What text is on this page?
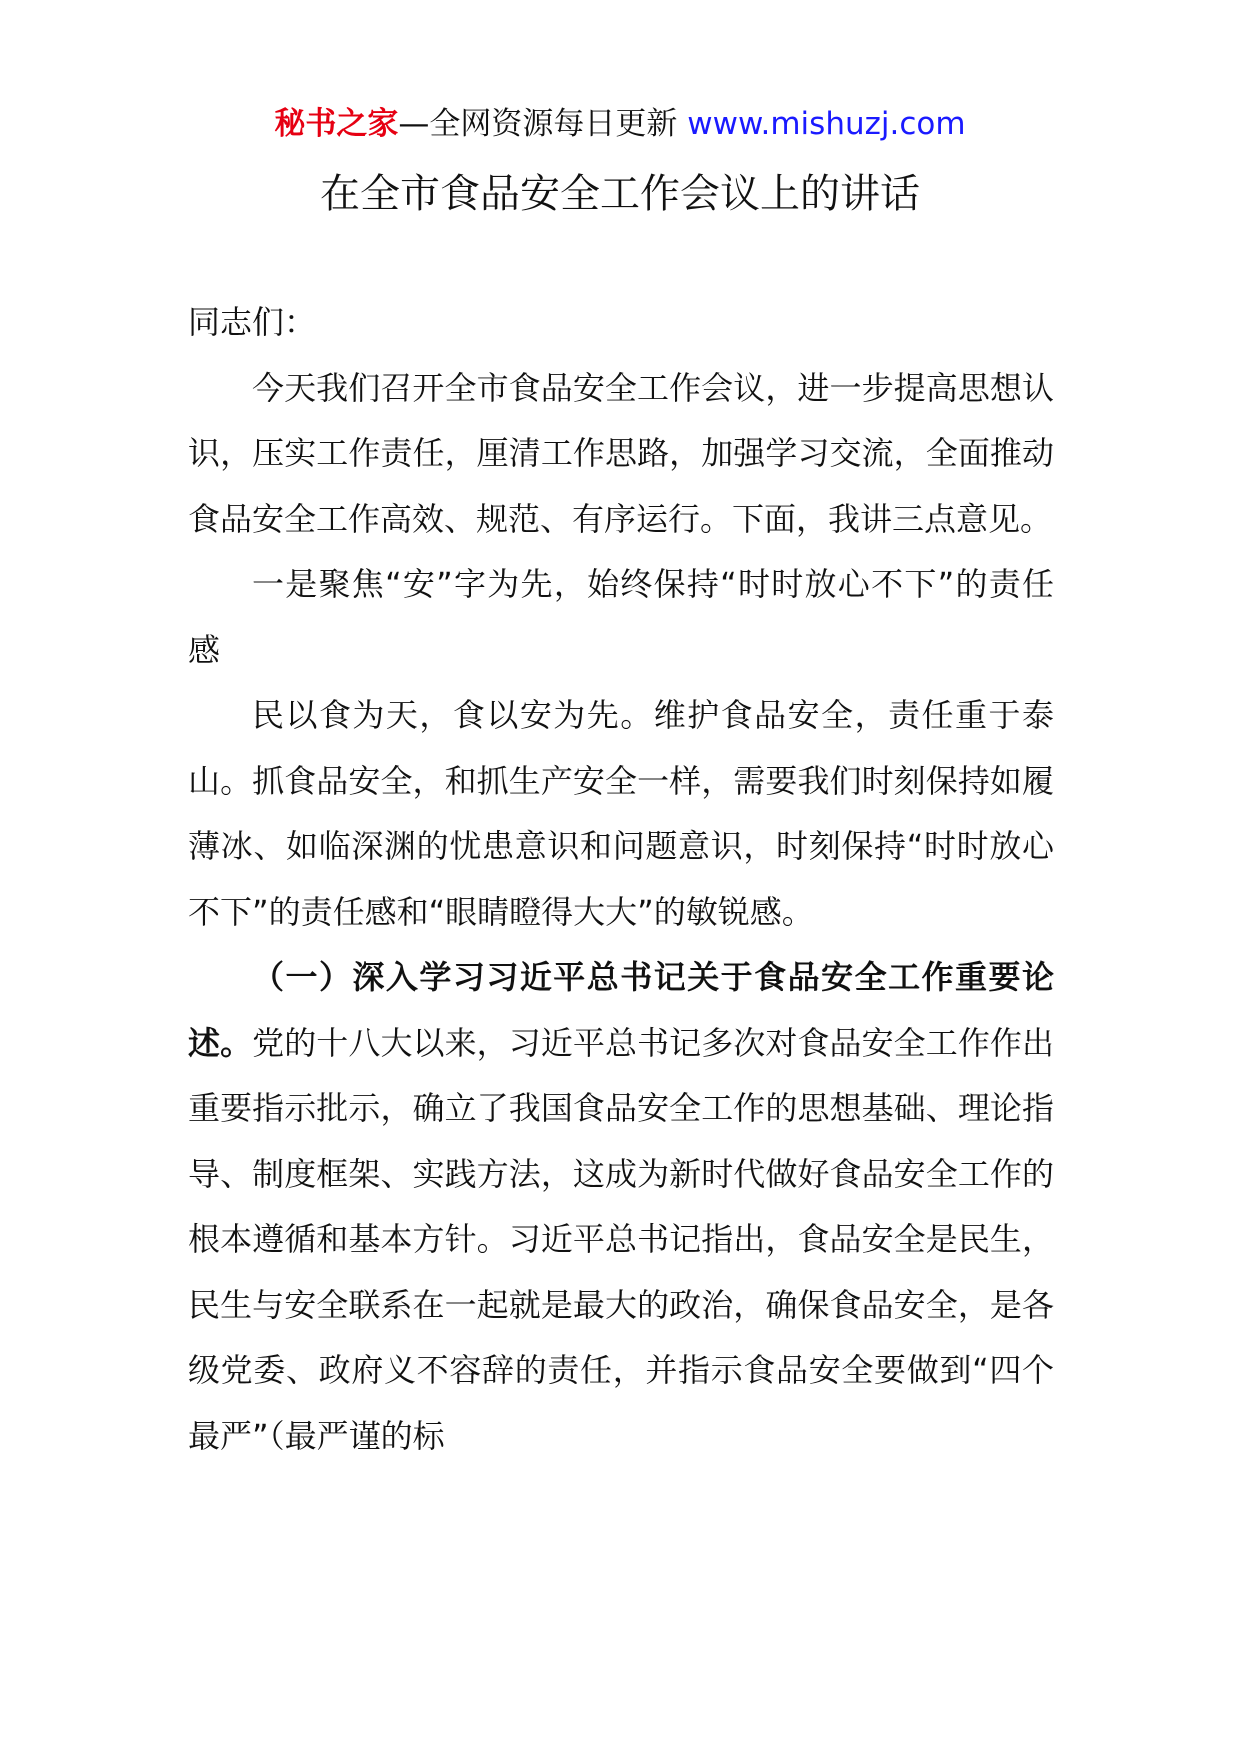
秘书之家—全网资源每日更新 www.mishuzj.com
在全市食品安全工作会议上的讲话

同志们：

今天我们召开全市食品安全工作会议，进一步提高思想认识，压实工作责任，厘清工作思路，加强学习交流，全面推动食品安全工作高效、规范、有序运行。下面，我讲三点意见。

一是聚焦“安”字为先，始终保持“时时放心不下”的责任感

民以食为天，食以安为先。维护食品安全，责任重于泰山。抓食品安全，和抓生产安全一样，需要我们时刻保持如履薄冰、如临深渊的忧患意识和问题意识，时刻保持“时时放心不下”的责任感和“眼睛瞪得大大”的敏锐感。

（一）深入学习习近平总书记关于食品安全工作重要论述。党的十八大以来，习近平总书记多次对食品安全工作作出重要指示批示，确立了我国食品安全工作的思想基础、理论指导、制度框架、实践方法，这成为新时代做好食品安全工作的根本遵循和基本方针。习近平总书记指出，食品安全是民生，民生与安全联系在一起就是最大的政治，确保食品安全，是各级党委、政府义不容辞的责任，并指示食品安全要做到“四个最严”（最严谨的标
